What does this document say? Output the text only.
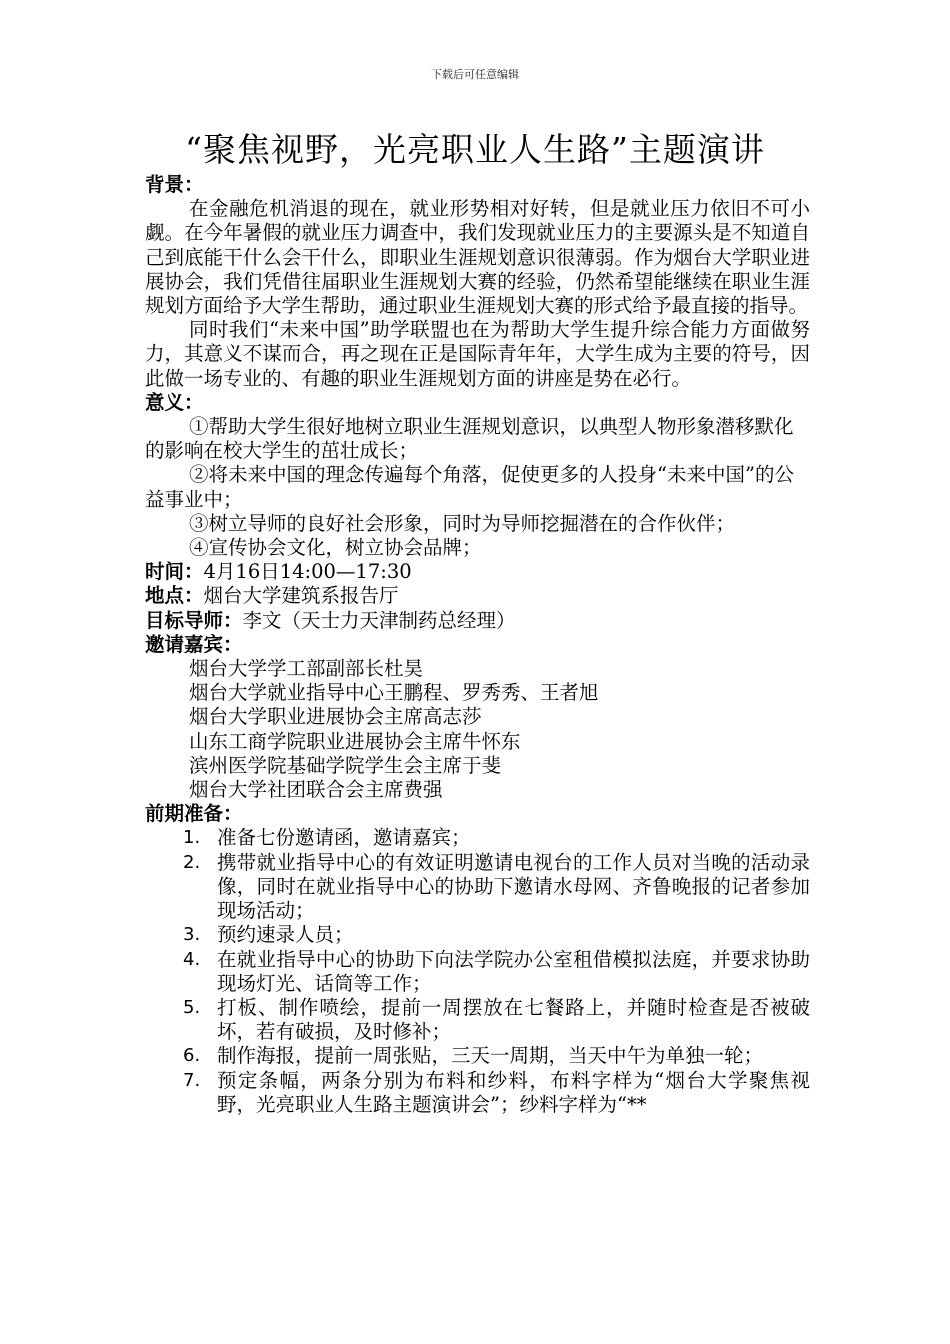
下载后可任意编辑
“聚焦视野，光亮职业人生路”主题演讲
背景：
在金融危机消退的现在，就业形势相对好转，但是就业压力依旧不可小觑。在今年暑假的就业压力调查中，我们发现就业压力的主要源头是不知道自己到底能干什么会干什么，即职业生涯规划意识很薄弱。作为烟台大学职业进展协会，我们凭借往届职业生涯规划大赛的经验，仍然希望能继续在职业生涯规划方面给予大学生帮助，通过职业生涯规划大赛的形式给予最直接的指导。
同时我们“未来中国”助学联盟也在为帮助大学生提升综合能力方面做努力，其意义不谋而合，再之现在正是国际青年年，大学生成为主要的符号，因此做一场专业的、有趣的职业生涯规划方面的讲座是势在必行。
意义：
①帮助大学生很好地树立职业生涯规划意识，以典型人物形象潜移默化的影响在校大学生的茁壮成长；
②将未来中国的理念传遍每个角落，促使更多的人投身“未来中国”的公益事业中；
③树立导师的良好社会形象，同时为导师挖掘潜在的合作伙伴；
④宣传协会文化，树立协会品牌；
时间：4月16日14:00—17:30
地点：烟台大学建筑系报告厅
目标导师：李文（天士力天津制药总经理）
邀请嘉宾：
烟台大学学工部副部长杜昊
烟台大学就业指导中心王鹏程、罗秀秀、王者旭
烟台大学职业进展协会主席高志莎
山东工商学院职业进展协会主席牛怀东
滨州医学院基础学院学生会主席于斐
烟台大学社团联合会主席费强
前期准备：
1. 准备七份邀请函，邀请嘉宾；
2. 携带就业指导中心的有效证明邀请电视台的工作人员对当晚的活动录像，同时在就业指导中心的协助下邀请水母网、齐鲁晚报的记者参加现场活动；
3. 预约速录人员；
4. 在就业指导中心的协助下向法学院办公室租借模拟法庭，并要求协助现场灯光、话筒等工作；
5. 打板、制作喷绘，提前一周摆放在七餐路上，并随时检查是否被破坏，若有破损，及时修补；
6. 制作海报，提前一周张贴，三天一周期，当天中午为单独一轮；
7. 预定条幅，两条分别为布料和纱料，布料字样为“烟台大学聚焦视野，光亮职业人生路主题演讲会”；纱料字样为“**
